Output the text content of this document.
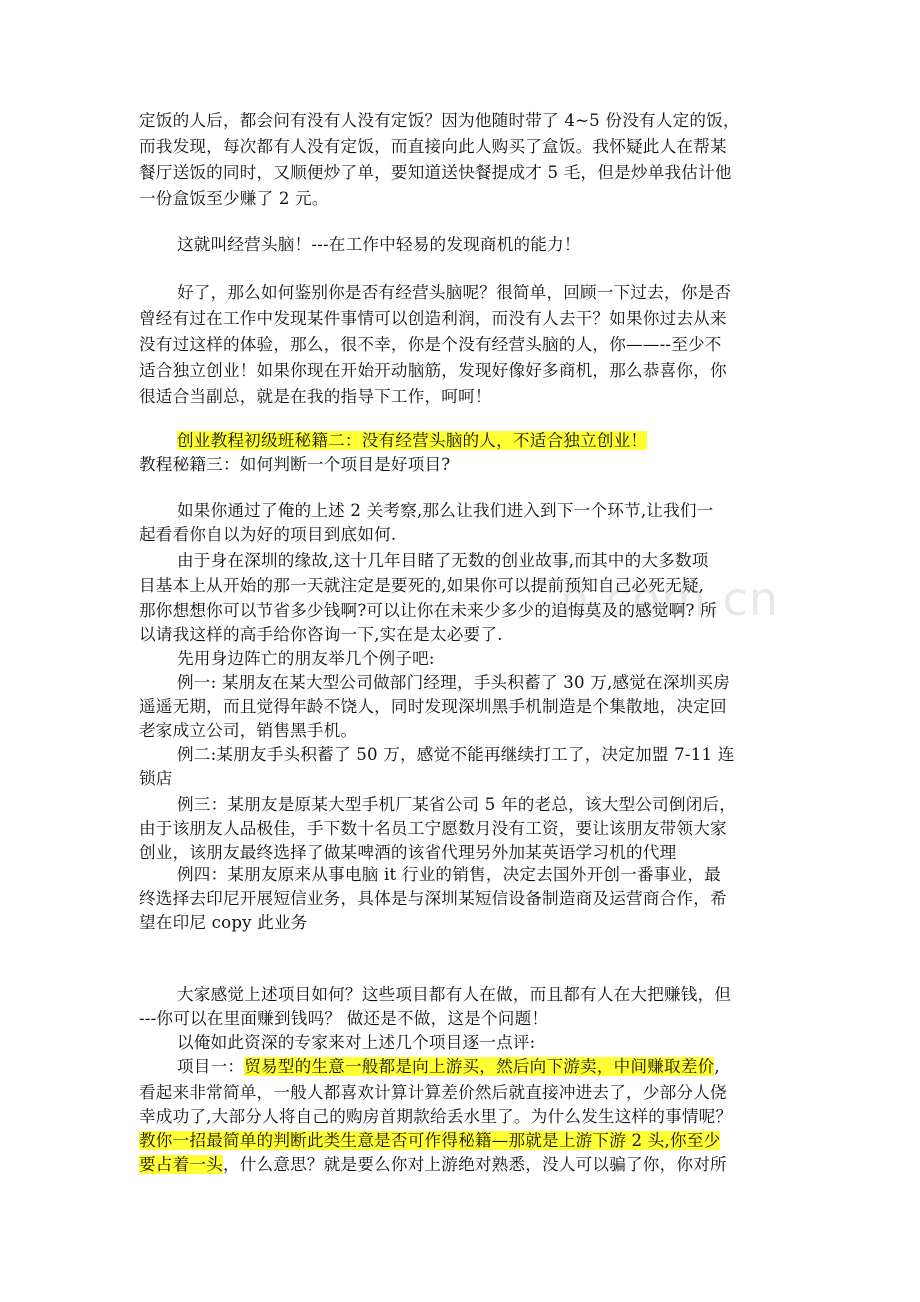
定饭的人后，都会问有没有人没有定饭？因为他随时带了 4~5 份没有人定的饭，
而我发现，每次都有人没有定饭，而直接向此人购买了盒饭。我怀疑此人在帮某
餐厅送饭的同时，又顺便炒了单，要知道送快餐提成才 5 毛，但是炒单我估计他
一份盒饭至少赚了 2 元。
这就叫经营头脑！---在工作中轻易的发现商机的能力！
好了，那么如何鉴别你是否有经营头脑呢？很简单，回顾一下过去，你是否
曾经有过在工作中发现某件事情可以创造利润，而没有人去干？如果你过去从来
没有过这样的体验，那么，很不幸，你是个没有经营头脑的人，你——--至少不
适合独立创业！如果你现在开始开动脑筋，发现好像好多商机，那么恭喜你，你
很适合当副总，就是在我的指导下工作，呵呵！
创业教程初级班秘籍二：没有经营头脑的人，不适合独立创业！
教程秘籍三：如何判断一个项目是好项目?
如果你通过了俺的上述 2 关考察,那么让我们进入到下一个环节,让我们一
起看看你自以为好的项目到底如何.
由于身在深圳的缘故,这十几年目睹了无数的创业故事,而其中的大多数项
目基本上从开始的那一天就注定是要死的,如果你可以提前预知自己必死无疑,
那你想想你可以节省多少钱啊?可以让你在未来少多少的追悔莫及的感觉啊? 所
以请我这样的高手给你咨询一下,实在是太必要了.
先用身边阵亡的朋友举几个例子吧:
例一: 某朋友在某大型公司做部门经理，手头积蓄了 30 万,感觉在深圳买房
遥遥无期，而且觉得年龄不饶人，同时发现深圳黑手机制造是个集散地，决定回
老家成立公司，销售黑手机。
例二:某朋友手头积蓄了 50 万，感觉不能再继续打工了，决定加盟 7-11 连
锁店
例三：某朋友是原某大型手机厂某省公司 5 年的老总，该大型公司倒闭后，
由于该朋友人品极佳，手下数十名员工宁愿数月没有工资，要让该朋友带领大家
创业，该朋友最终选择了做某啤酒的该省代理另外加某英语学习机的代理
例四：某朋友原来从事电脑 it 行业的销售，决定去国外开创一番事业，最
终选择去印尼开展短信业务，具体是与深圳某短信设备制造商及运营商合作，希
望在印尼 copy 此业务
大家感觉上述项目如何？这些项目都有人在做，而且都有人在大把赚钱，但
---你可以在里面赚到钱吗？ 做还是不做，这是个问题！
以俺如此资深的专家来对上述几个项目逐一点评:
项目一：贸易型的生意一般都是向上游买，然后向下游卖，中间赚取差价,
看起来非常简单，一般人都喜欢计算计算差价然后就直接冲进去了，少部分人侥
幸成功了,大部分人将自己的购房首期款给丢水里了。为什么发生这样的事情呢？
教你一招最简单的判断此类生意是否可作得秘籍—那就是上游下游 2 头,你至少
要占着一头，什么意思？就是要么你对上游绝对熟悉，没人可以骗了你，你对所
n.com.cn
